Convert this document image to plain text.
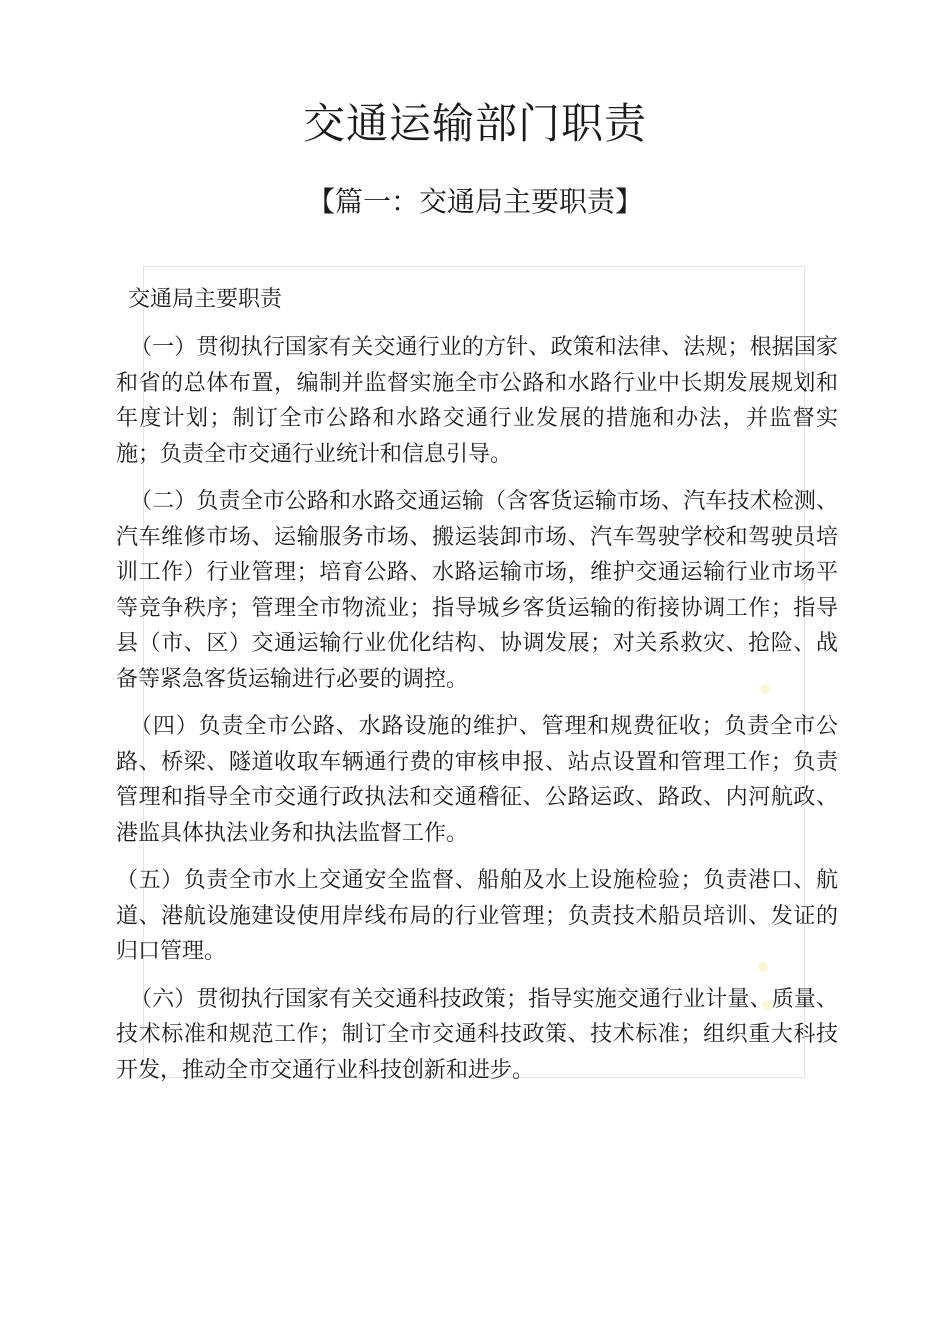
交通运输部门职责
【篇一：交通局主要职责】

交通局主要职责

（一）贯彻执行国家有关交通行业的方针、政策和法律、法规；根据国家和省的总体布置，编制并监督实施全市公路和水路行业中长期发展规划和年度计划；制订全市公路和水路交通行业发展的措施和办法，并监督实施；负责全市交通行业统计和信息引导。

（二）负责全市公路和水路交通运输（含客货运输市场、汽车技术检测、汽车维修市场、运输服务市场、搬运装卸市场、汽车驾驶学校和驾驶员培训工作）行业管理；培育公路、水路运输市场，维护交通运输行业市场平等竞争秩序；管理全市物流业；指导城乡客货运输的衔接协调工作；指导县（市、区）交通运输行业优化结构、协调发展；对关系救灾、抢险、战备等紧急客货运输进行必要的调控。

（四）负责全市公路、水路设施的维护、管理和规费征收；负责全市公路、桥梁、隧道收取车辆通行费的审核申报、站点设置和管理工作；负责管理和指导全市交通行政执法和交通稽征、公路运政、路政、内河航政、港监具体执法业务和执法监督工作。

（五）负责全市水上交通安全监督、船舶及水上设施检验；负责港口、航道、港航设施建设使用岸线布局的行业管理；负责技术船员培训、发证的归口管理。

（六）贯彻执行国家有关交通科技政策；指导实施交通行业计量、质量、技术标准和规范工作；制订全市交通科技政策、技术标准；组织重大科技开发，推动全市交通行业科技创新和进步。
